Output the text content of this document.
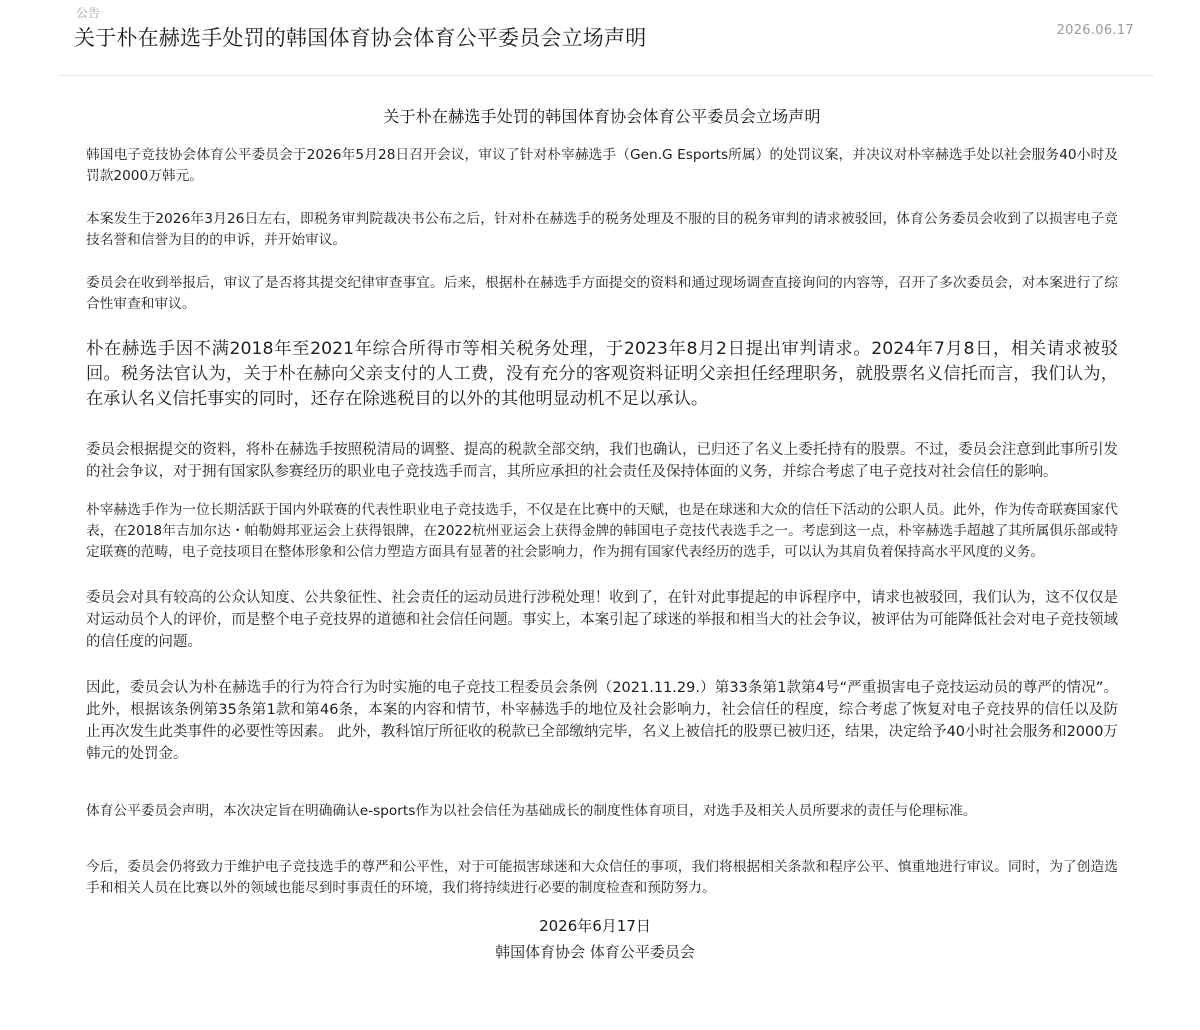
公告
关于朴在赫选手处罚的韩国体育协会体育公平委员会立场声明	2026.06.17
关于朴在赫选手处罚的韩国体育协会体育公平委员会立场声明

韩国电子竞技协会体育公平委员会于2026年5月28日召开会议，审议了针对朴宰赫选手（Gen.G Esports所属）的处罚议案，并决议对朴宰赫选手处以社会服务40小时及罚款2000万韩元。

本案发生于2026年3月26日左右，即税务审判院裁决书公布之后，针对朴在赫选手的税务处理及不服的目的税务审判的请求被驳回，体育公务委员会收到了以损害电子竞技名誉和信誉为目的的申诉，并开始审议。

委员会在收到举报后，审议了是否将其提交纪律审查事宜。后来，根据朴在赫选手方面提交的资料和通过现场调查直接询问的内容等，召开了多次委员会，对本案进行了综合性审查和审议。

朴在赫选手因不满2018年至2021年综合所得市等相关税务处理，于2023年8月2日提出审判请求。2024年7月8日，相关请求被驳回。税务法官认为，关于朴在赫向父亲支付的人工费，没有充分的客观资料证明父亲担任经理职务，就股票名义信托而言，我们认为，在承认名义信托事实的同时，还存在除逃税目的以外的其他明显动机不足以承认。

委员会根据提交的资料，将朴在赫选手按照税清局的调整、提高的税款全部交纳，我们也确认，已归还了名义上委托持有的股票。不过，委员会注意到此事所引发的社会争议，对于拥有国家队参赛经历的职业电子竞技选手而言，其所应承担的社会责任及保持体面的义务，并综合考虑了电子竞技对社会信任的影响。

朴宰赫选手作为一位长期活跃于国内外联赛的代表性职业电子竞技选手，不仅是在比赛中的天赋，也是在球迷和大众的信任下活动的公职人员。此外，作为传奇联赛国家代表，在2018年吉加尔达・帕勒姆邦亚运会上获得银牌，在2022杭州亚运会上获得金牌的韩国电子竞技代表选手之一。考虑到这一点，朴宰赫选手超越了其所属俱乐部或特定联赛的范畴，电子竞技项目在整体形象和公信力塑造方面具有显著的社会影响力，作为拥有国家代表经历的选手，可以认为其肩负着保持高水平风度的义务。

委员会对具有较高的公众认知度、公共象征性、社会责任的运动员进行涉税处理！收到了，在针对此事提起的申诉程序中，请求也被驳回，我们认为，这不仅仅是对运动员个人的评价，而是整个电子竞技界的道德和社会信任问题。事实上，本案引起了球迷的举报和相当大的社会争议，被评估为可能降低社会对电子竞技领域的信任度的问题。

因此，委员会认为朴在赫选手的行为符合行为时实施的电子竞技工程委员会条例（2021.11.29.）第33条第1款第4号“严重损害电子竞技运动员的尊严的情况”。此外，根据该条例第35条第1款和第46条，本案的内容和情节，朴宰赫选手的地位及社会影响力，社会信任的程度，综合考虑了恢复对电子竞技界的信任以及防止再次发生此类事件的必要性等因素。 此外，教科馆厅所征收的税款已全部缴纳完毕，名义上被信托的股票已被归还，结果，决定给予40小时社会服务和2000万韩元的处罚金。

体育公平委员会声明，本次决定旨在明确确认e-sports作为以社会信任为基础成长的制度性体育项目，对选手及相关人员所要求的责任与伦理标准。

今后，委员会仍将致力于维护电子竞技选手的尊严和公平性，对于可能损害球迷和大众信任的事项，我们将根据相关条款和程序公平、慎重地进行审议。同时，为了创造选手和相关人员在比赛以外的领域也能尽到时事责任的环境，我们将持续进行必要的制度检查和预防努力。

2026年6月17日
韩国体育协会 体育公平委员会
